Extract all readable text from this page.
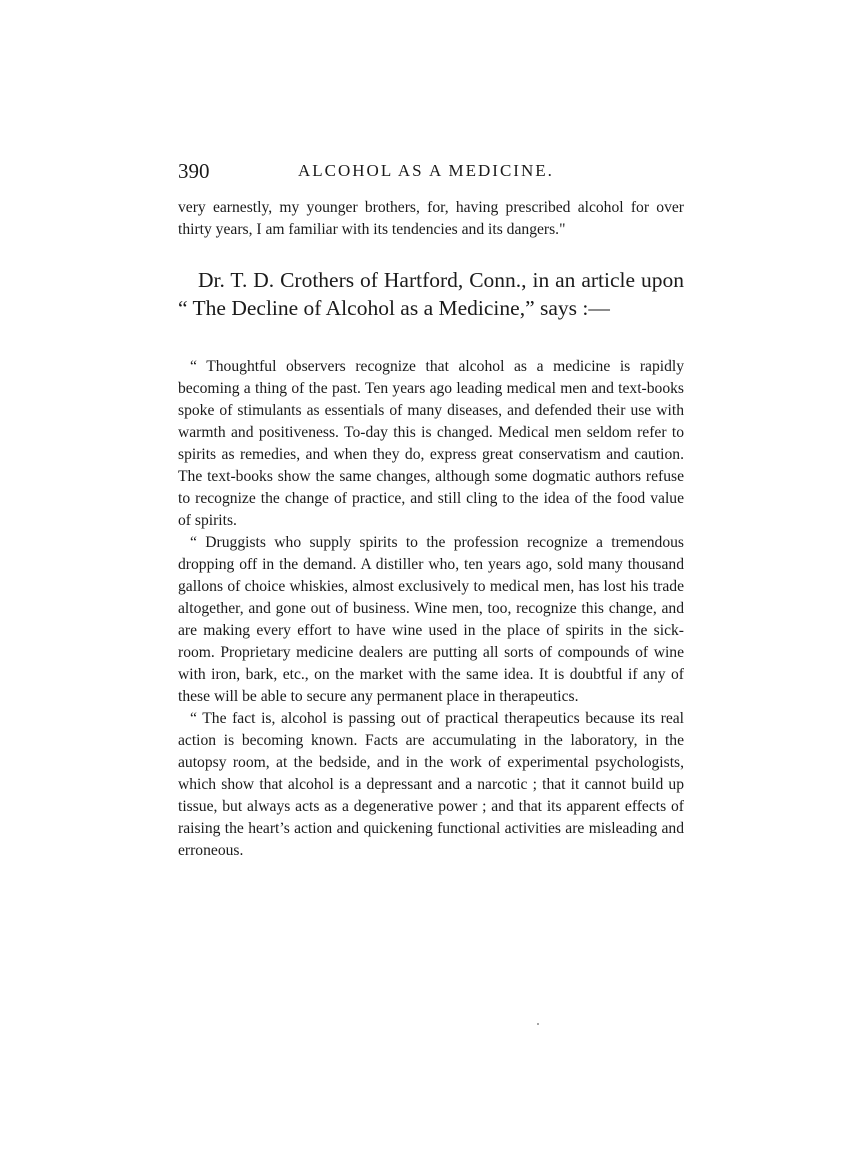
390	ALCOHOL AS A MEDICINE.

very earnestly, my younger brothers, for, having prescribed alcohol for over thirty years, I am familiar with its tendencies and its dangers."

Dr. T. D. Crothers of Hartford, Conn., in an article upon “ The Decline of Alcohol as a Medicine,” says :—

“ Thoughtful observers recognize that alcohol as a medicine is rapidly becoming a thing of the past. Ten years ago leading medical men and text-books spoke of stimulants as essentials of many diseases, and defended their use with warmth and positiveness. To-day this is changed. Medical men seldom refer to spirits as remedies, and when they do, express great conservatism and caution. The text-books show the same changes, although some dogmatic authors refuse to recognize the change of practice, and still cling to the idea of the food value of spirits.

“ Druggists who supply spirits to the profession recognize a tremendous dropping off in the demand. A distiller who, ten years ago, sold many thousand gallons of choice whiskies, almost exclusively to medical men, has lost his trade altogether, and gone out of business. Wine men, too, recognize this change, and are making every effort to have wine used in the place of spirits in the sick-room. Proprietary medicine dealers are putting all sorts of compounds of wine with iron, bark, etc., on the market with the same idea. It is doubtful if any of these will be able to secure any permanent place in therapeutics.

“ The fact is, alcohol is passing out of practical therapeutics because its real action is becoming known. Facts are accumulating in the laboratory, in the autopsy room, at the bedside, and in the work of experimental psychologists, which show that alcohol is a depressant and a narcotic ; that it cannot build up tissue, but always acts as a degenerative power ; and that its apparent effects of raising the heart’s action and quickening functional activities are misleading and erroneous.
